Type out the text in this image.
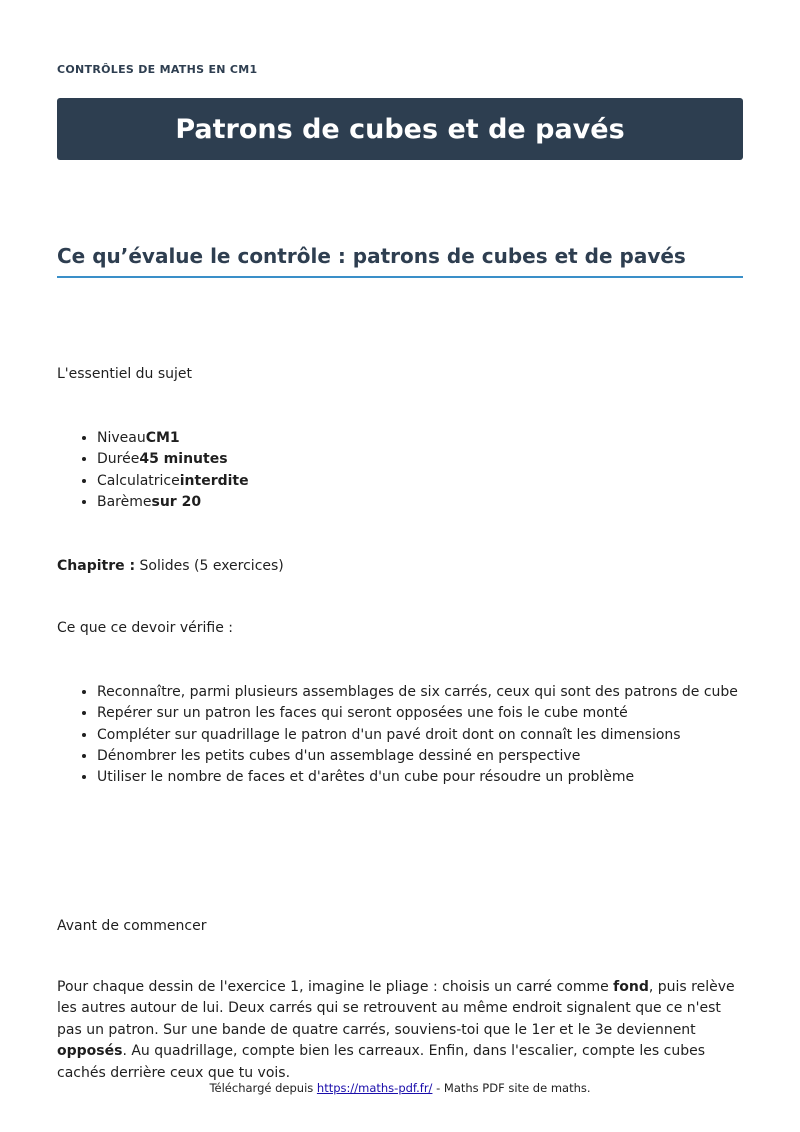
CONTRÔLES DE MATHS EN CM1
Patrons de cubes et de pavés
Ce qu’évalue le contrôle : patrons de cubes et de pavés

L'essentiel du sujet

• NiveauCM1
• Durée45 minutes
• Calculatriceinterdite
• Barèmesur 20

Chapitre : Solides (5 exercices)

Ce que ce devoir vérifie :

• Reconnaître, parmi plusieurs assemblages de six carrés, ceux qui sont des patrons de cube
• Repérer sur un patron les faces qui seront opposées une fois le cube monté
• Compléter sur quadrillage le patron d'un pavé droit dont on connaît les dimensions
• Dénombrer les petits cubes d'un assemblage dessiné en perspective
• Utiliser le nombre de faces et d'arêtes d'un cube pour résoudre un problème

Avant de commencer

Pour chaque dessin de l'exercice 1, imagine le pliage : choisis un carré comme fond, puis relève les autres autour de lui. Deux carrés qui se retrouvent au même endroit signalent que ce n'est pas un patron. Sur une bande de quatre carrés, souviens-toi que le 1er et le 3e deviennent opposés. Au quadrillage, compte bien les carreaux. Enfin, dans l'escalier, compte les cubes cachés derrière ceux que tu vois.

Téléchargé depuis https://maths-pdf.fr/ - Maths PDF site de maths.
